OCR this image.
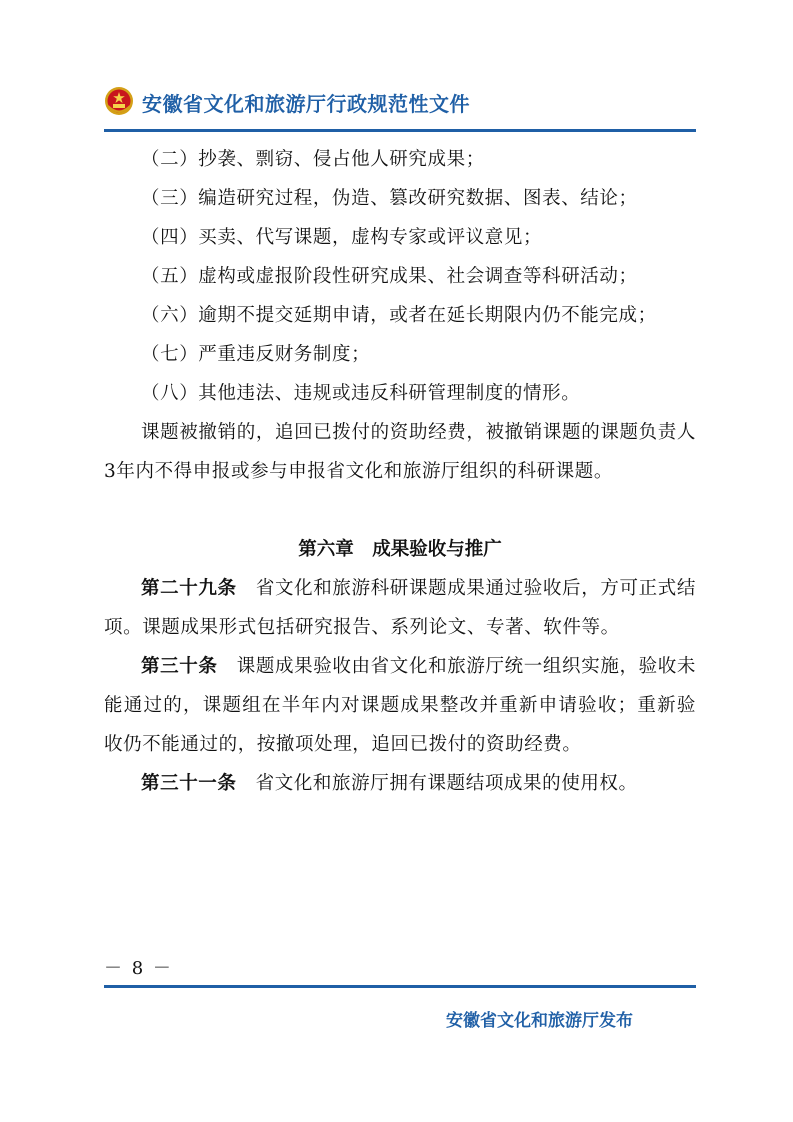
安徽省文化和旅游厅行政规范性文件

（二）抄袭、剽窃、侵占他人研究成果；

（三）编造研究过程，伪造、篡改研究数据、图表、结论；

（四）买卖、代写课题，虚构专家或评议意见；

（五）虚构或虚报阶段性研究成果、社会调查等科研活动；

（六）逾期不提交延期申请，或者在延长期限内仍不能完成；

（七）严重违反财务制度；

（八）其他违法、违规或违反科研管理制度的情形。

课题被撤销的，追回已拨付的资助经费，被撤销课题的课题负责人3年内不得申报或参与申报省文化和旅游厅组织的科研课题。

第六章　成果验收与推广

第二十九条　 省文化和旅游科研课题成果通过验收后，方可正式结项。课题成果形式包括研究报告、系列论文、专著、软件等。

第三十条　 课题成果验收由省文化和旅游厅统一组织实施，验收未能通过的，课题组在半年内对课题成果整改并重新申请验收；重新验收仍不能通过的，按撤项处理，追回已拨付的资助经费。

第三十一条　 省文化和旅游厅拥有课题结项成果的使用权。

－ 8 －
安徽省文化和旅游厅发布
